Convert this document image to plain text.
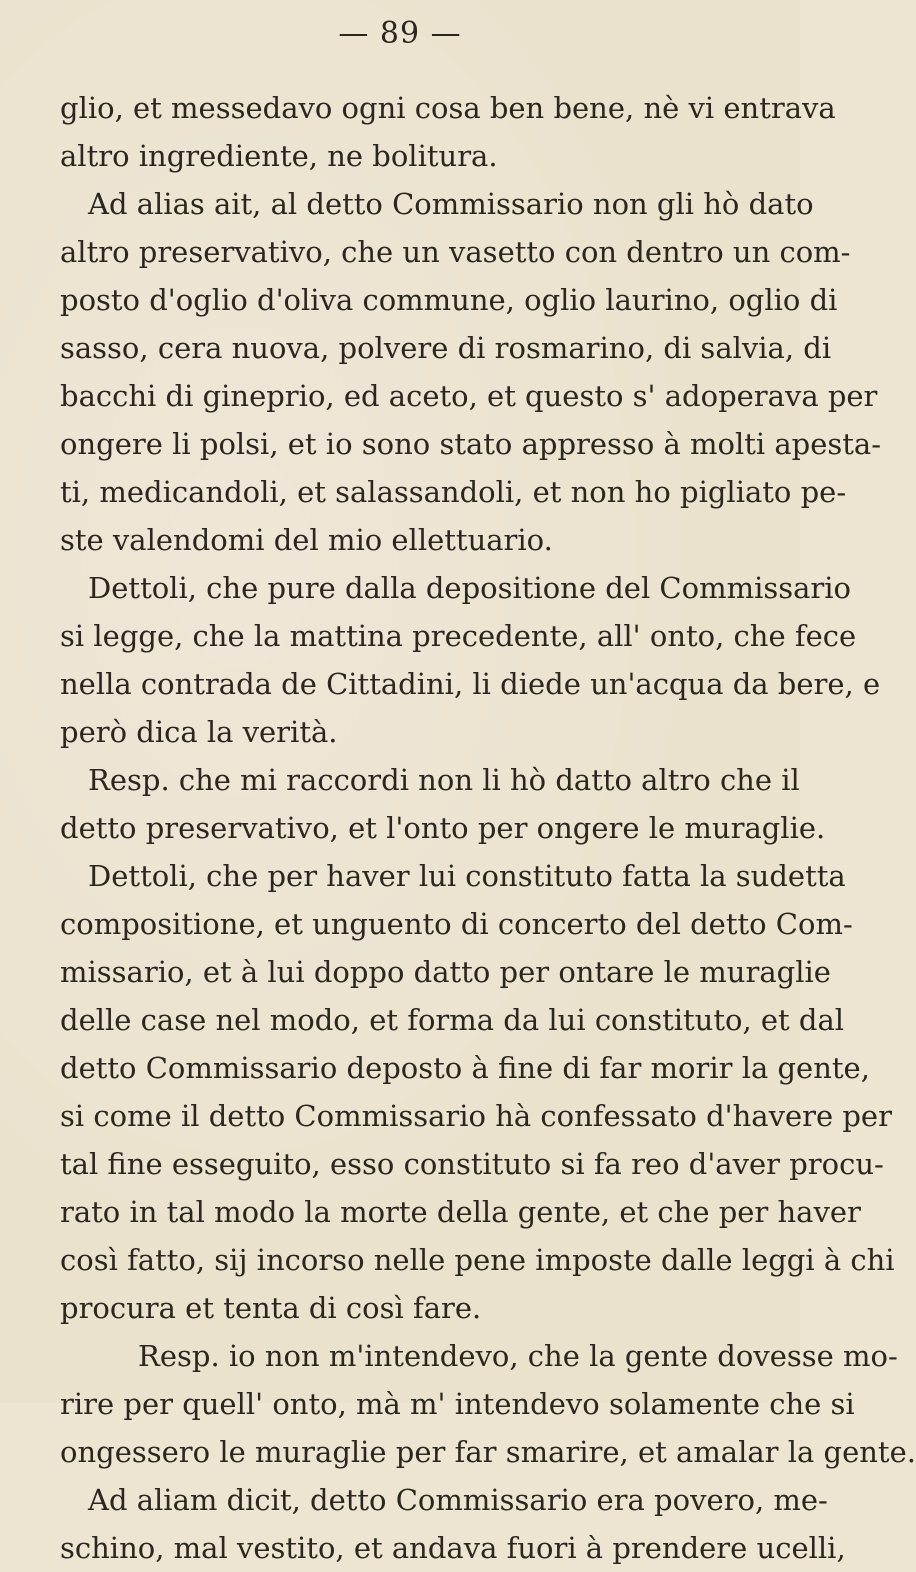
— 89 —
glio, et messedavo ogni cosa ben bene, nè vi entrava
altro ingrediente, ne bolitura.
Ad alias ait, al detto Commissario non gli hò dato
altro preservativo, che un vasetto con dentro un com-
posto d'oglio d'oliva commune, oglio laurino, oglio di
sasso, cera nuova, polvere di rosmarino, di salvia, di
bacchi di gineprio, ed aceto, et questo s' adoperava per
ongere li polsi, et io sono stato appresso à molti apesta-
ti, medicandoli, et salassandoli, et non ho pigliato pe-
ste valendomi del mio ellettuario.
Dettoli, che pure dalla depositione del Commissario
si legge, che la mattina precedente, all' onto, che fece
nella contrada de Cittadini, li diede un'acqua da bere, e
però dica la verità.
Resp. che mi raccordi non li hò datto altro che il
detto preservativo, et l'onto per ongere le muraglie.
Dettoli, che per haver lui constituto fatta la sudetta
compositione, et unguento di concerto del detto Com-
missario, et à lui doppo datto per ontare le muraglie
delle case nel modo, et forma da lui constituto, et dal
detto Commissario deposto à fine di far morir la gente,
si come il detto Commissario hà confessato d'havere per
tal fine esseguito, esso constituto si fa reo d'aver procu-
rato in tal modo la morte della gente, et che per haver
così fatto, sij incorso nelle pene imposte dalle leggi à chi
procura et tenta di così fare.
Resp. io non m'intendevo, che la gente dovesse mo-
rire per quell' onto, mà m' intendevo solamente che si
ongessero le muraglie per far smarire, et amalar la gente.
Ad aliam dicit, detto Commissario era povero, me-
schino, mal vestito, et andava fuori à prendere ucelli,
